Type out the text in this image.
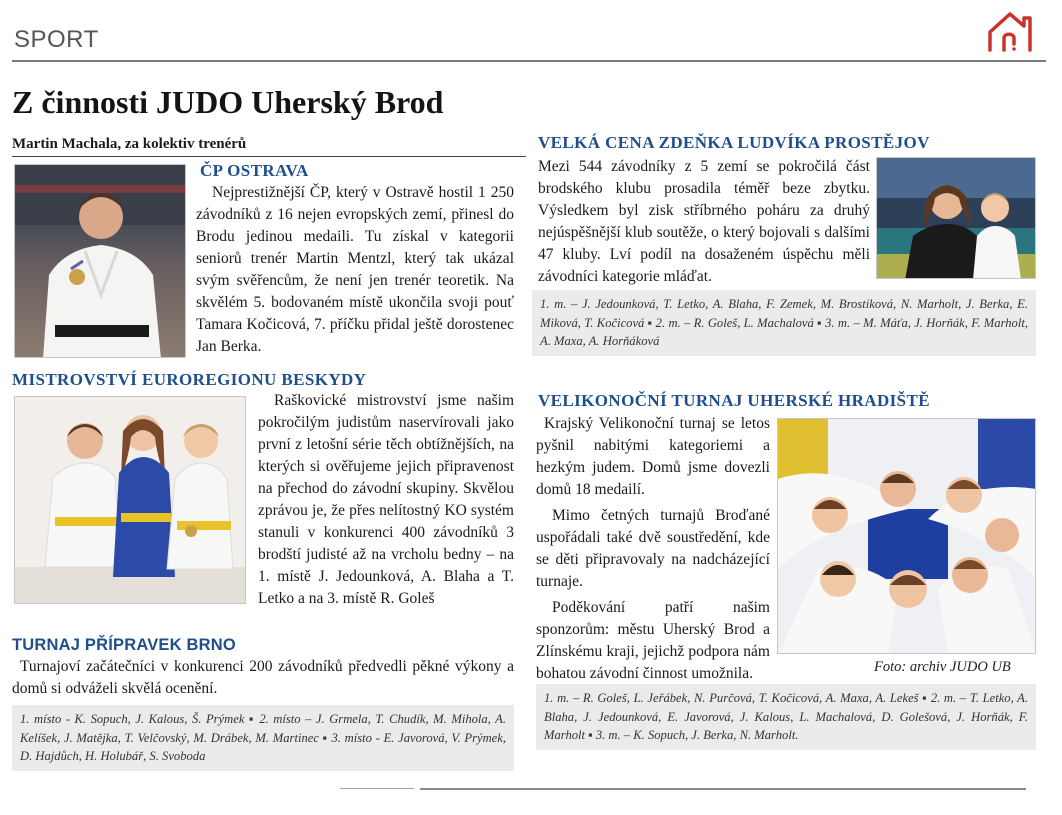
SPORT
Z činnosti JUDO Uherský Brod
Martin Machala, za kolektiv trenérů
ČP OSTRAVA
Nejprestižnější ČP, který v Ostravě hostil 1 250 závodníků z 16 nejen evropských zemí, přinesl do Brodu jedinou medaili. Tu získal v kategorii seniorů trenér Martin Mentzl, který tak ukázal svým svěřencům, že není jen trenér teoretik. Na skvělém 5. bodovaném místě ukončila svoji pouť Tamara Kočicová, 7. příčku přidal ještě dorostenec Jan Berka.
MISTROVSTVÍ EUROREGIONU BESKYDY
Raškovické mistrovství jsme našim pokročilým judistům naservírovali jako první z letošní série těch obtížnějších, na kterých si ověřujeme jejich připravenost na přechod do závodní skupiny. Skvělou zprávou je, že přes nelítostný KO systém stanuli v konkurenci 400 závodníků 3 brodští judisté až na vrcholu bedny – na 1. místě J. Jedounková, A. Blaha a T. Letko a na 3. místě R. Goleš
TURNAJ PŘÍPRAVEK BRNO
Turnajoví začátečníci v konkurenci 200 závodníků předvedli pěkné výkony a domů si odváželi skvělá ocenění.
1. místo - K. Sopuch, J. Kalous, Š. Prýmek ▪ 2. místo – J. Grmela, T. Chudík, M. Mihola, A. Kelíšek, J. Matějka, T. Velčovský, M. Drábek, M. Martinec ▪ 3. místo - E. Javorová, V. Prýmek, D. Hajdůch, H. Holubář, S. Svoboda
VELKÁ CENA ZDEŇKA LUDVÍKA PROSTĚJOV
Mezi 544 závodníky z 5 zemí se pokročilá část brodského klubu prosadila téměř beze zbytku. Výsledkem byl zisk stříbrného poháru za druhý nejúspěšnější klub soutěže, o který bojovali s dalšími 47 kluby. Lví podíl na dosaženém úspěchu měli závodníci kategorie mláďat.
1. m. – J. Jedounková, T. Letko, A. Blaha, F. Zemek, M. Brostiková, N. Marholt, J. Berka, E. Miková, T. Kočicová ▪ 2. m. – R. Goleš, L. Machalová ▪ 3. m. – M. Máťa, J. Horňák, F. Marholt, A. Maxa, A. Horňáková
VELIKONOČNÍ TURNAJ UHERSKÉ HRADIŠTĚ

Krajský Velikonoční turnaj se letos pyšnil nabitými kategoriemi a hezkým judem. Domů jsme dovezli domů 18 medailí.

Mimo četných turnajů Broďané uspořádali také dvě soustředění, kde se děti připravovaly na nadcházející turnaje.

Poděkování patří našim sponzorům: městu Uherský Brod a Zlínskému kraji, jejichž podpora nám bohatou závodní činnost umožnila.	Foto: archiv JUDO UB
1. m. – R. Goleš, L. Jeřábek, N. Purčová, T. Kočicová, A. Maxa, A. Lekeš ▪ 2. m. – T. Letko, A. Blaha, J. Jedounková, E. Javorová, J. Kalous, L. Machalová, D. Golešová, J. Horňák, F. Marholt ▪ 3. m. – K. Sopuch, J. Berka, N. Marholt.
